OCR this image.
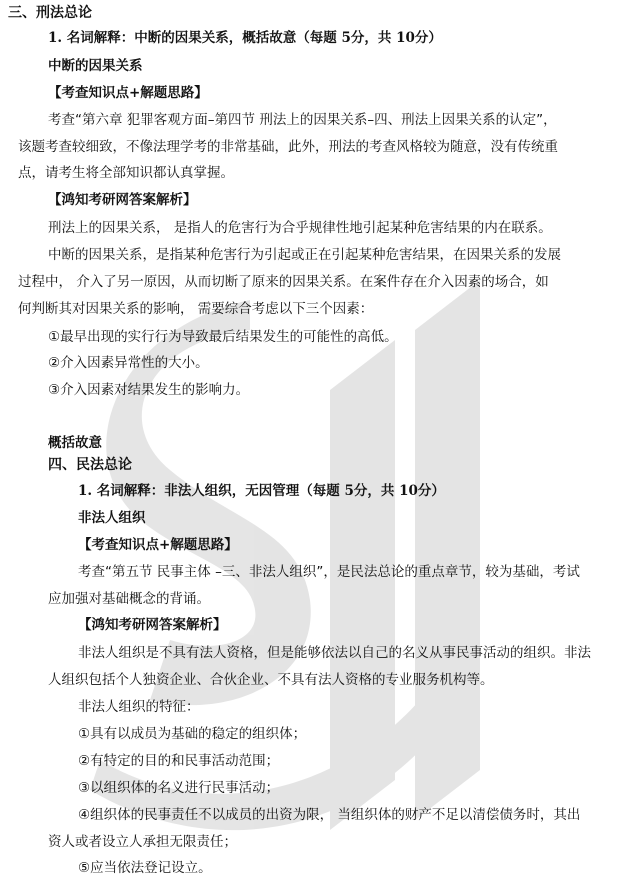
三、刑法总论
1. 名词解释：中断的因果关系，概括故意（每题 5分，共 10分）
中断的因果关系
【考查知识点+解题思路】
考查“第六章 犯罪客观方面–第四节 刑法上的因果关系–四、刑法上因果关系的认定”，
该题考查较细致，不像法理学考的非常基础，此外，刑法的考查风格较为随意，没有传统重
点，请考生将全部知识都认真掌握。
【鸿知考研网答案解析】
刑法上的因果关系， 是指人的危害行为合乎规律性地引起某种危害结果的内在联系。
中断的因果关系，是指某种危害行为引起或正在引起某种危害结果，在因果关系的发展
过程中， 介入了另一原因，从而切断了原来的因果关系。在案件存在介入因素的场合，如
何判断其对因果关系的影响， 需要综合考虑以下三个因素：
①最早出现的实行行为导致最后结果发生的可能性的高低。
②介入因素异常性的大小。
③介入因素对结果发生的影响力。
概括故意
四、民法总论
1. 名词解释：非法人组织，无因管理（每题 5分，共 10分）
非法人组织
【考查知识点+解题思路】
考查“第五节 民事主体 –三、非法人组织”，是民法总论的重点章节，较为基础，考试
应加强对基础概念的背诵。
【鸿知考研网答案解析】
非法人组织是不具有法人资格，但是能够依法以自己的名义从事民事活动的组织。非法
人组织包括个人独资企业、合伙企业、不具有法人资格的专业服务机构等。
非法人组织的特征：
①具有以成员为基础的稳定的组织体；
②有特定的目的和民事活动范围；
③以组织体的名义进行民事活动；
④组织体的民事责任不以成员的出资为限， 当组织体的财产不足以清偿债务时，其出
资人或者设立人承担无限责任；
⑤应当依法登记设立。
